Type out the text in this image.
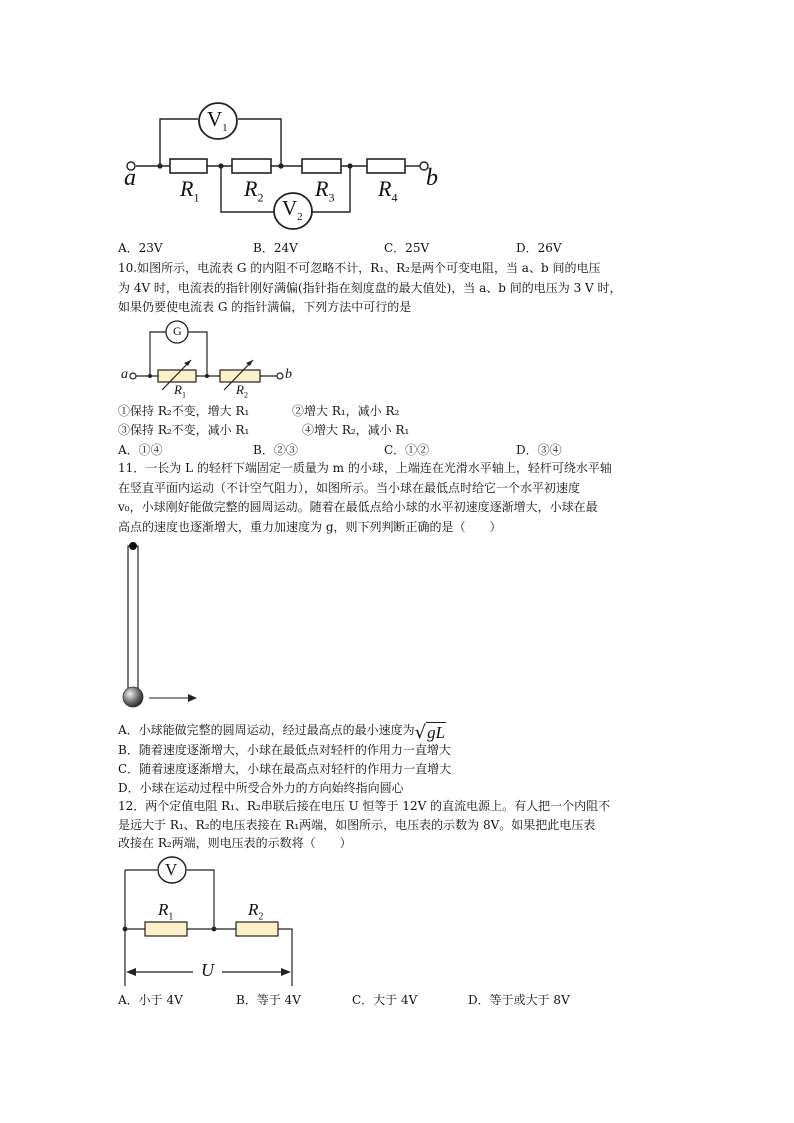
a	b
$V_1$
$V_2$
$R_1$ $R_2$ $R_3$ $R_4$
A．23V	B．24V	C．25V	D．26V
10.如图所示，电流表 G 的内阻不可忽略不计，R₁、R₂是两个可变电阻，当 a、b 间的电压
为 4V 时，电流表的指针刚好满偏(指针指在刻度盘的最大值处)，当 a、b 间的电压为 3 V 时，
如果仍要使电流表 G 的指针满偏，下列方法中可行的是
G
a	b
$R_1$	$R_2$
①保持 R₂不变，增大 R₁	②增大 R₁，减小 R₂
③保持 R₂不变，减小 R₁	④增大 R₂，减小 R₁
A．①④	B．②③	C．①②	D．③④
11．一长为 L 的轻杆下端固定一质量为 m 的小球，上端连在光滑水平轴上，轻杆可绕水平轴
在竖直平面内运动（不计空气阻力），如图所示。当小球在最低点时给它一个水平初速度
v₀，小球刚好能做完整的圆周运动。随着在最低点给小球的水平初速度逐渐增大，小球在最
高点的速度也逐渐增大，重力加速度为 g，则下列判断正确的是（　　）
A．小球能做完整的圆周运动，经过最高点的最小速度为√gL
B．随着速度逐渐增大，小球在最低点对轻杆的作用力一直增大
C．随着速度逐渐增大，小球在最高点对轻杆的作用力一直增大
D．小球在运动过程中所受合外力的方向始终指向圆心
12．两个定值电阻 R₁、R₂串联后接在电压 U 恒等于 12V 的直流电源上。有人把一个内阻不
是远大于 R₁、R₂的电压表接在 R₁两端，如图所示，电压表的示数为 8V。如果把此电压表
改接在 R₂两端，则电压表的示数将（　　）
V
$R_1$	$R_2$
U
A．小于 4V	B．等于 4V	C．大于 4V	D．等于或大于 8V
